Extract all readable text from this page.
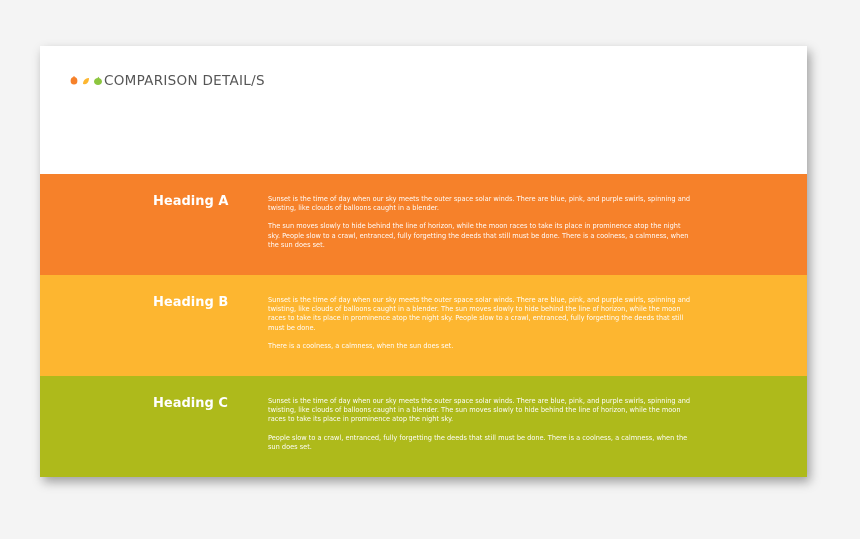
COMPARISON DETAIL/S
Heading A	Sunset is the time of day when our sky meets the outer space solar winds. There are blue, pink, and purple swirls, spinning and twisting, like clouds of balloons caught in a blender.

The sun moves slowly to hide behind the line of horizon, while the moon races to take its place in prominence atop the night sky. People slow to a crawl, entranced, fully forgetting the deeds that still must be done. There is a coolness, a calmness, when the sun does set.

Heading B	Sunset is the time of day when our sky meets the outer space solar winds. There are blue, pink, and purple swirls, spinning and twisting, like clouds of balloons caught in a blender. The sun moves slowly to hide behind the line of horizon, while the moon races to take its place in prominence atop the night sky. People slow to a crawl, entranced, fully forgetting the deeds that still must be done.

There is a coolness, a calmness, when the sun does set.

Heading C	Sunset is the time of day when our sky meets the outer space solar winds. There are blue, pink, and purple swirls, spinning and twisting, like clouds of balloons caught in a blender. The sun moves slowly to hide behind the line of horizon, while the moon races to take its place in prominence atop the night sky.

People slow to a crawl, entranced, fully forgetting the deeds that still must be done. There is a coolness, a calmness, when the sun does set.
